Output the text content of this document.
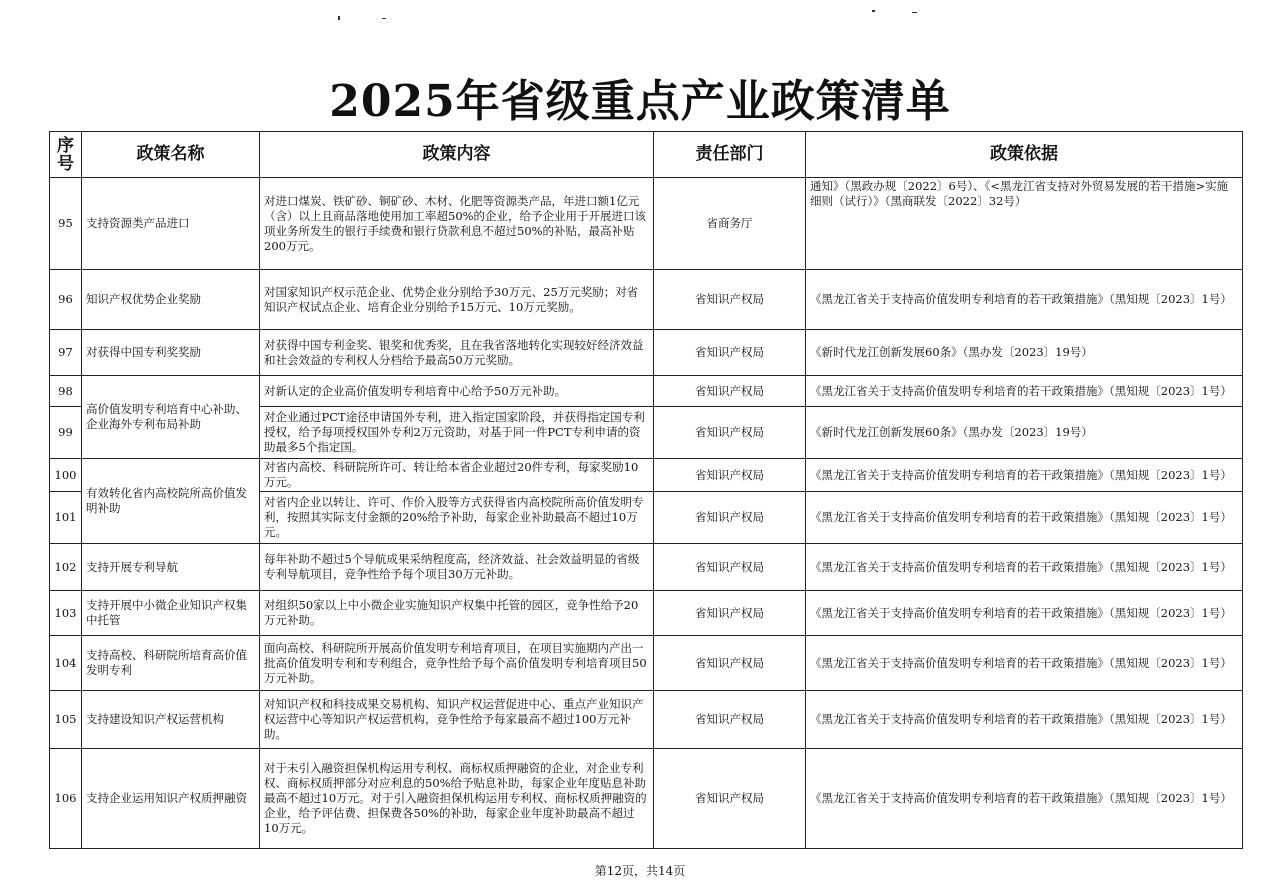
2025年省级重点产业政策清单
序号	政策名称	政策内容	责任部门	政策依据
95	支持资源类产品进口	对进口煤炭、铁矿砂、铜矿砂、木材、化肥等资源类产品，年进口额1亿元（含）以上且商品落地使用加工率超50%的企业，给予企业用于开展进口该项业务所发生的银行手续费和银行贷款利息不超过50%的补贴，最高补贴200万元。	省商务厅	通知》（黑政办规〔2022〕6号）、《<黑龙江省支持对外贸易发展的若干措施>实施细则（试行）》（黑商联发〔2022〕32号）
96	知识产权优势企业奖励	对国家知识产权示范企业、优势企业分别给予30万元、25万元奖励；对省知识产权试点企业、培育企业分别给予15万元、10万元奖励。	省知识产权局	《黑龙江省关于支持高价值发明专利培育的若干政策措施》（黑知规〔2023〕1号）
97	对获得中国专利奖奖励	对获得中国专利金奖、银奖和优秀奖，且在我省落地转化实现较好经济效益和社会效益的专利权人分档给予最高50万元奖励。	省知识产权局	《新时代龙江创新发展60条》（黑办发〔2023〕19号）
98	高价值发明专利培育中心补助、企业海外专利布局补助	对新认定的企业高价值发明专利培育中心给予50万元补助。	省知识产权局	《黑龙江省关于支持高价值发明专利培育的若干政策措施》（黑知规〔2023〕1号）
99		对企业通过PCT途径申请国外专利，进入指定国家阶段，并获得指定国专利授权，给予每项授权国外专利2万元资助，对基于同一件PCT专利申请的资助最多5个指定国。	省知识产权局	《新时代龙江创新发展60条》（黑办发〔2023〕19号）
100	有效转化省内高校院所高价值发明补助	对省内高校、科研院所许可、转让给本省企业超过20件专利，每家奖励10万元。	省知识产权局	《黑龙江省关于支持高价值发明专利培育的若干政策措施》（黑知规〔2023〕1号）
101		对省内企业以转让、许可、作价入股等方式获得省内高校院所高价值发明专利，按照其实际支付金额的20%给予补助，每家企业补助最高不超过10万元。	省知识产权局	《黑龙江省关于支持高价值发明专利培育的若干政策措施》（黑知规〔2023〕1号）
102	支持开展专利导航	每年补助不超过5个导航成果采纳程度高，经济效益、社会效益明显的省级专利导航项目，竞争性给予每个项目30万元补助。	省知识产权局	《黑龙江省关于支持高价值发明专利培育的若干政策措施》（黑知规〔2023〕1号）
103	支持开展中小微企业知识产权集中托管	对组织50家以上中小微企业实施知识产权集中托管的园区，竞争性给予20万元补助。	省知识产权局	《黑龙江省关于支持高价值发明专利培育的若干政策措施》（黑知规〔2023〕1号）
104	支持高校、科研院所培育高价值发明专利	面向高校、科研院所开展高价值发明专利培育项目，在项目实施期内产出一批高价值发明专利和专利组合，竞争性给予每个高价值发明专利培育项目50万元补助。	省知识产权局	《黑龙江省关于支持高价值发明专利培育的若干政策措施》（黑知规〔2023〕1号）
105	支持建设知识产权运营机构	对知识产权和科技成果交易机构、知识产权运营促进中心、重点产业知识产权运营中心等知识产权运营机构，竞争性给予每家最高不超过100万元补助。	省知识产权局	《黑龙江省关于支持高价值发明专利培育的若干政策措施》（黑知规〔2023〕1号）
106	支持企业运用知识产权质押融资	对于未引入融资担保机构运用专利权、商标权质押融资的企业，对企业专利权、商标权质押部分对应利息的50%给予贴息补助，每家企业年度贴息补助最高不超过10万元。对于引入融资担保机构运用专利权、商标权质押融资的企业，给予评估费、担保费各50%的补助，每家企业年度补助最高不超过10万元。	省知识产权局	《黑龙江省关于支持高价值发明专利培育的若干政策措施》（黑知规〔2023〕1号）
第12页，共14页
